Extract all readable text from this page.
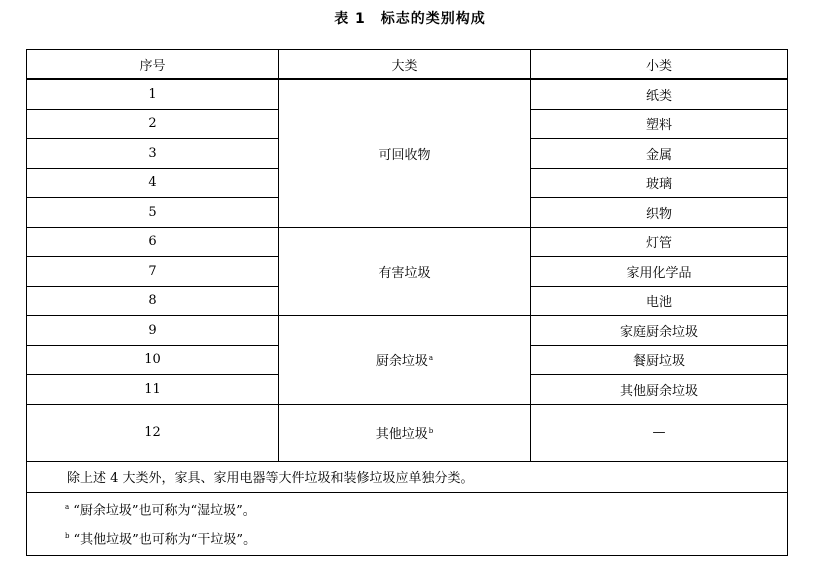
表 1　标志的类别构成
序号	大类	小类
1	可回收物	纸类
2		塑料
3		金属
4		玻璃
5		织物
6	有害垃圾	灯管
7		家用化学品
8		电池
9	厨余垃圾$^a$	家庭厨余垃圾
10		餐厨垃圾
11		其他厨余垃圾
12	其他垃圾$^b$	—
除上述 4 大类外，家具、家用电器等大件垃圾和装修垃圾应单独分类。		

$^a$ “厨余垃圾”也可称为“湿垃圾”。
$^b$ “其他垃圾”也可称为“干垃圾”。		
